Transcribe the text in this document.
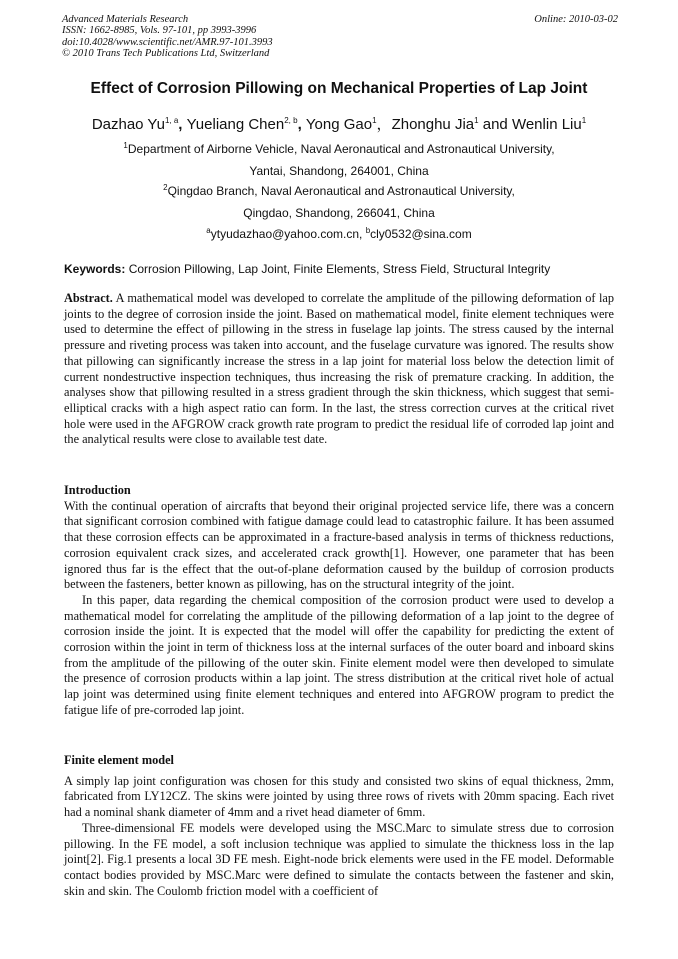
Advanced Materials Research
ISSN: 1662-8985, Vols. 97-101, pp 3993-3996
doi:10.4028/www.scientific.net/AMR.97-101.3993
© 2010 Trans Tech Publications Ltd, Switzerland
Online: 2010-03-02
Effect of Corrosion Pillowing on Mechanical Properties of Lap Joint
Dazhao Yu$^{1, a}$, Yueliang Chen$^{2, b}$, Yong Gao$^1$，Zhonghu Jia$^1$ and Wenlin Liu$^1$
$^1$Department of Airborne Vehicle, Naval Aeronautical and Astronautical University,
Yantai, Shandong, 264001, China
$^2$Qingdao Branch, Naval Aeronautical and Astronautical University,
Qingdao, Shandong, 266041, China
$^a$ytyudazhao@yahoo.com.cn, $^b$cly0532@sina.com
Keywords: Corrosion Pillowing, Lap Joint, Finite Elements, Stress Field, Structural Integrity

Abstract. A mathematical model was developed to correlate the amplitude of the pillowing deformation of lap joints to the degree of corrosion inside the joint. Based on mathematical model, finite element techniques were used to determine the effect of pillowing in the stress in fuselage lap joints. The stress caused by the internal pressure and riveting process was taken into account, and the fuselage curvature was ignored. The results show that pillowing can significantly increase the stress in a lap joint for material loss below the detection limit of current nondestructive inspection techniques, thus increasing the risk of premature cracking. In addition, the analyses show that pillowing resulted in a stress gradient through the skin thickness, which suggest that semi-elliptical cracks with a high aspect ratio can form. In the last, the stress correction curves at the critical rivet hole were used in the AFGROW crack growth rate program to predict the residual life of corroded lap joint and the analytical results were close to available test date.

Introduction

With the continual operation of aircrafts that beyond their original projected service life, there was a concern that significant corrosion combined with fatigue damage could lead to catastrophic failure. It has been assumed that these corrosion effects can be approximated in a fracture-based analysis in terms of thickness reductions, corrosion equivalent crack sizes, and accelerated crack growth[1]. However, one parameter that has been ignored thus far is the effect that the out-of-plane deformation caused by the buildup of corrosion products between the fasteners, better known as pillowing, has on the structural integrity of the joint.

In this paper, data regarding the chemical composition of the corrosion product were used to develop a mathematical model for correlating the amplitude of the pillowing deformation of a lap joint to the degree of corrosion inside the joint. It is expected that the model will offer the capability for predicting the extent of corrosion within the joint in term of thickness loss at the internal surfaces of the outer board and inboard skins from the amplitude of the pillowing of the outer skin. Finite element model were then developed to simulate the presence of corrosion products within a lap joint. The stress distribution at the critical rivet hole of actual lap joint was determined using finite element techniques and entered into AFGROW program to predict the fatigue life of pre-corroded lap joint.

Finite element model

A simply lap joint configuration was chosen for this study and consisted two skins of equal thickness, 2mm, fabricated from LY12CZ. The skins were jointed by using three rows of rivets with 20mm spacing. Each rivet had a nominal shank diameter of 4mm and a rivet head diameter of 6mm.

Three-dimensional FE models were developed using the MSC.Marc to simulate stress due to corrosion pillowing. In the FE model, a soft inclusion technique was applied to simulate the thickness loss in the lap joint[2]. Fig.1 presents a local 3D FE mesh. Eight-node brick elements were used in the FE model. Deformable contact bodies provided by MSC.Marc were defined to simulate the contacts between the fastener and skin, skin and skin. The Coulomb friction model with a coefficient of
